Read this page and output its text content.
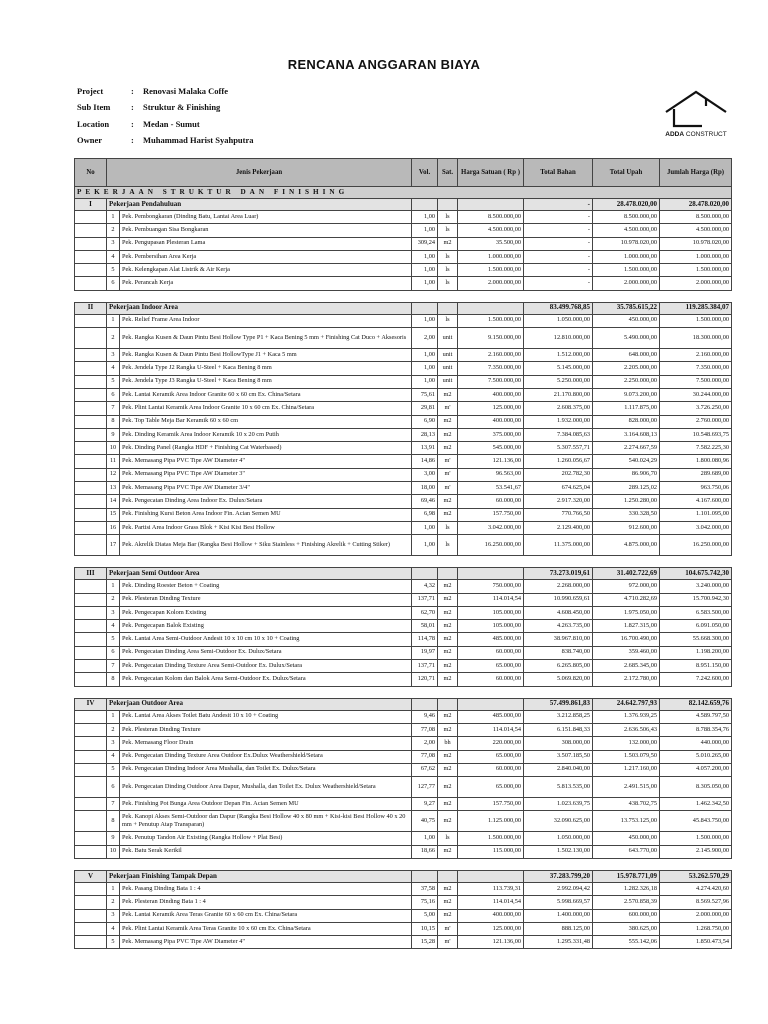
RENCANA ANGGARAN BIAYA
Project	:	Renovasi Malaka Coffe
Sub Item	:	Struktur & Finishing
Location	:	Medan - Sumut
Owner	:	Muhammad Harist Syahputra
ADDA CONSTRUCT
No	Jenis Pekerjaan		Vol.	Sat.	Harga Satuan ( Rp )	Total Bahan	Total Upah	Jumlah Harga (Rp)
PEKERJAAN STRUKTUR DAN FINISHING								
I	Pekerjaan Pendahuluan					-	28.478.020,00	28.478.020,00
	1	Pek. Pembongkaran (Dinding Batu, Lantai Area Luar)	1,00	ls	8.500.000,00	-	8.500.000,00	8.500.000,00
	2	Pek. Pembuangan Sisa Bongkaran	1,00	ls	4.500.000,00	-	4.500.000,00	4.500.000,00
	3	Pek. Pengupasan Plesteran Lama	309,24	m2	35.500,00	-	10.978.020,00	10.978.020,00
	4	Pek. Pembersihan Area Kerja	1,00	ls	1.000.000,00	-	1.000.000,00	1.000.000,00
	5	Pek. Kelengkapan Alat Listrik & Air Kerja	1,00	ls	1.500.000,00	-	1.500.000,00	1.500.000,00
	6	Pek. Perancah Kerja	1,00	ls	2.000.000,00	-	2.000.000,00	2.000.000,00

II	Pekerjaan Indoor Area					83.499.768,85	35.785.615,22	119.285.384,07
	1	Pek. Relief Frame Area Indoor	1,00	ls	1.500.000,00	1.050.000,00	450.000,00	1.500.000,00
	2	Pek. Rangka Kusen & Daun Pintu Besi Hollow Type P1 + Kaca Bening 5 mm + Finishing Cat Duco + Aksesoris	2,00	unit	9.150.000,00	12.810.000,00	5.490.000,00	18.300.000,00
	3	Pek. Rangka Kusen & Daun Pintu Besi HollowType J1 + Kaca 5 mm	1,00	unit	2.160.000,00	1.512.000,00	648.000,00	2.160.000,00
	4	Pek. Jendela Type J2 Rangka U-Steel + Kaca Bening 8 mm	1,00	unit	7.350.000,00	5.145.000,00	2.205.000,00	7.350.000,00
	5	Pek. Jendela Type J3 Rangka U-Steel + Kaca Bening 8 mm	1,00	unit	7.500.000,00	5.250.000,00	2.250.000,00	7.500.000,00
	6	Pek. Lantai Keramik Area Indoor Granite 60 x 60 cm Ex. China/Setara	75,61	m2	400.000,00	21.170.800,00	9.073.200,00	30.244.000,00
	7	Pek. Plint Lantai Keramik Area Indoor Granite 10 x 60 cm Ex. China/Setara	29,81	m'	125.000,00	2.608.375,00	1.117.875,00	3.726.250,00
	8	Pek. Top Table Meja Bar Keramik 60 x 60 cm	6,90	m2	400.000,00	1.932.000,00	828.000,00	2.760.000,00
	9	Pek. Dinding Keramik Area Indoor Keramik 10 x 20 cm Putih	28,13	m2	375.000,00	7.384.085,63	3.164.608,13	10.548.693,75
	10	Pek. Dinding Panel (Rangka HDF + Finishing Cat Waterbased)	13,91	m2	545.000,00	5.307.557,71	2.274.667,59	7.582.225,30
	11	Pek. Memasang Pipa PVC Tipe AW Diameter 4"	14,86	m'	121.136,00	1.260.056,67	540.024,29	1.800.080,96
	12	Pek. Memasang Pipa PVC Tipe AW Diameter 3"	3,00	m'	96.563,00	202.782,30	86.906,70	289.689,00
	13	Pek. Memasang Pipa PVC Tipe AW Diameter 3/4"	18,00	m'	53.541,67	674.625,04	289.125,02	963.750,06
	14	Pek. Pengecatan Dinding Area Indoor Ex. Dulux/Setara	69,46	m2	60.000,00	2.917.320,00	1.250.280,00	4.167.600,00
	15	Pek. Finishing Kursi Beton Area Indoor Fin. Acian Semen MU	6,98	m2	157.750,00	770.766,50	330.328,50	1.101.095,00
	16	Pek. Partisi Area Indoor Grass Blok + Kisi Kisi Besi Hollow	1,00	ls	3.042.000,00	2.129.400,00	912.600,00	3.042.000,00
	17	Pek. Akrelik Diatas Meja Bar (Rangka Besi Hollow + Siku Stainless + Finishing Akrelik + Cutting Stiker)	1,00	ls	16.250.000,00	11.375.000,00	4.875.000,00	16.250.000,00

III	Pekerjaan Semi Outdoor Area					73.273.019,61	31.402.722,69	104.675.742,30
	1	Pek. Dinding Roester Beton + Coating	4,32	m2	750.000,00	2.268.000,00	972.000,00	3.240.000,00
	2	Pek. Plesteran Dinding Texture	137,71	m2	114.014,54	10.990.659,61	4.710.282,69	15.700.942,30
	3	Pek. Pengecapan Kolom Existing	62,70	m2	105.000,00	4.608.450,00	1.975.050,00	6.583.500,00
	4	Pek. Pengecapan Balok Existing	58,01	m2	105.000,00	4.263.735,00	1.827.315,00	6.091.050,00
	5	Pek. Lantai Area Semi-Outdoor Andesit 10 x 10 cm 10 x 10 + Coating	114,78	m2	485.000,00	38.967.810,00	16.700.490,00	55.668.300,00
	6	Pek. Pengecatan Dinding Area Semi-Outdoor Ex. Dulux/Setara	19,97	m2	60.000,00	838.740,00	359.460,00	1.198.200,00
	7	Pek. Pengecatan Dinding Texture Area Semi-Outdoor Ex. Dulux/Setara	137,71	m2	65.000,00	6.265.805,00	2.685.345,00	8.951.150,00
	8	Pek. Pengecatan Kolom dan Balok Area Semi-Outdoor Ex. Dulux/Setara	120,71	m2	60.000,00	5.069.820,00	2.172.780,00	7.242.600,00

IV	Pekerjaan Outdoor Area					57.499.861,83	24.642.797,93	82.142.659,76
	1	Pek. Lantai Area Akses Toilet Batu Andesit 10 x 10 + Coating	9,46	m2	485.000,00	3.212.858,25	1.376.939,25	4.589.797,50
	2	Pek. Plesteran Dinding Texture	77,08	m2	114.014,54	6.151.848,33	2.636.506,43	8.788.354,76
	3	Pek. Memasang Floor Drain	2,00	bh	220.000,00	308.000,00	132.000,00	440.000,00
	4	Pek. Pengecatan Dinding Texture Area Outdoor Ex.Dulux Weathershield/Setara	77,08	m2	65.000,00	3.507.185,50	1.503.079,50	5.010.265,00
	5	Pek. Pengecatan Dinding Indoor Area Mushalla, dan Toilet Ex. Dulux/Setara	67,62	m2	60.000,00	2.840.040,00	1.217.160,00	4.057.200,00
	6	Pek. Pengecatan Dinding Outdoor Area Dapur, Mushalla, dan Toilet Ex. Dulux Weathershield/Setara	127,77	m2	65.000,00	5.813.535,00	2.491.515,00	8.305.050,00
	7	Pek. Finishing Pot Bunga Area Outdoor Depan Fin. Acian Semen MU	9,27	m2	157.750,00	1.023.639,75	438.702,75	1.462.342,50
	8	Pek. Kanopi Akses Semi-Outdoor dan Dapur (Rangka Besi Hollow 40 x 80 mm + Kisi-kisi Besi Hollow 40 x 20 mm + Penutup Atap Transparan)	40,75	m2	1.125.000,00	32.090.625,00	13.753.125,00	45.843.750,00
	9	Pek. Penutup Tandon Air Existing (Rangka Hollow + Plat Besi)	1,00	ls	1.500.000,00	1.050.000,00	450.000,00	1.500.000,00
	10	Pek. Batu Serak Kerikil	18,66	m2	115.000,00	1.502.130,00	643.770,00	2.145.900,00

V	Pekerjaan Finishing Tampak Depan					37.283.799,20	15.978.771,09	53.262.570,29
	1	Pek. Pasang Dinding Bata 1 : 4	37,58	m2	113.739,31	2.992.094,42	1.282.326,18	4.274.420,60
	2	Pek. Plesteran Dinding Bata 1 : 4	75,16	m2	114.014,54	5.998.669,57	2.570.858,39	8.569.527,96
	3	Pek. Lantai Keramik Area Teras Granite 60 x 60 cm Ex. China/Setara	5,00	m2	400.000,00	1.400.000,00	600.000,00	2.000.000,00
	4	Pek. Plint Lantai Keramik Area Teras Granite 10 x 60 cm Ex. China/Setara	10,15	m'	125.000,00	888.125,00	380.625,00	1.268.750,00
	5	Pek. Memasang Pipa PVC Tipe AW Diameter 4"	15,28	m'	121.136,00	1.295.331,48	555.142,06	1.850.473,54
